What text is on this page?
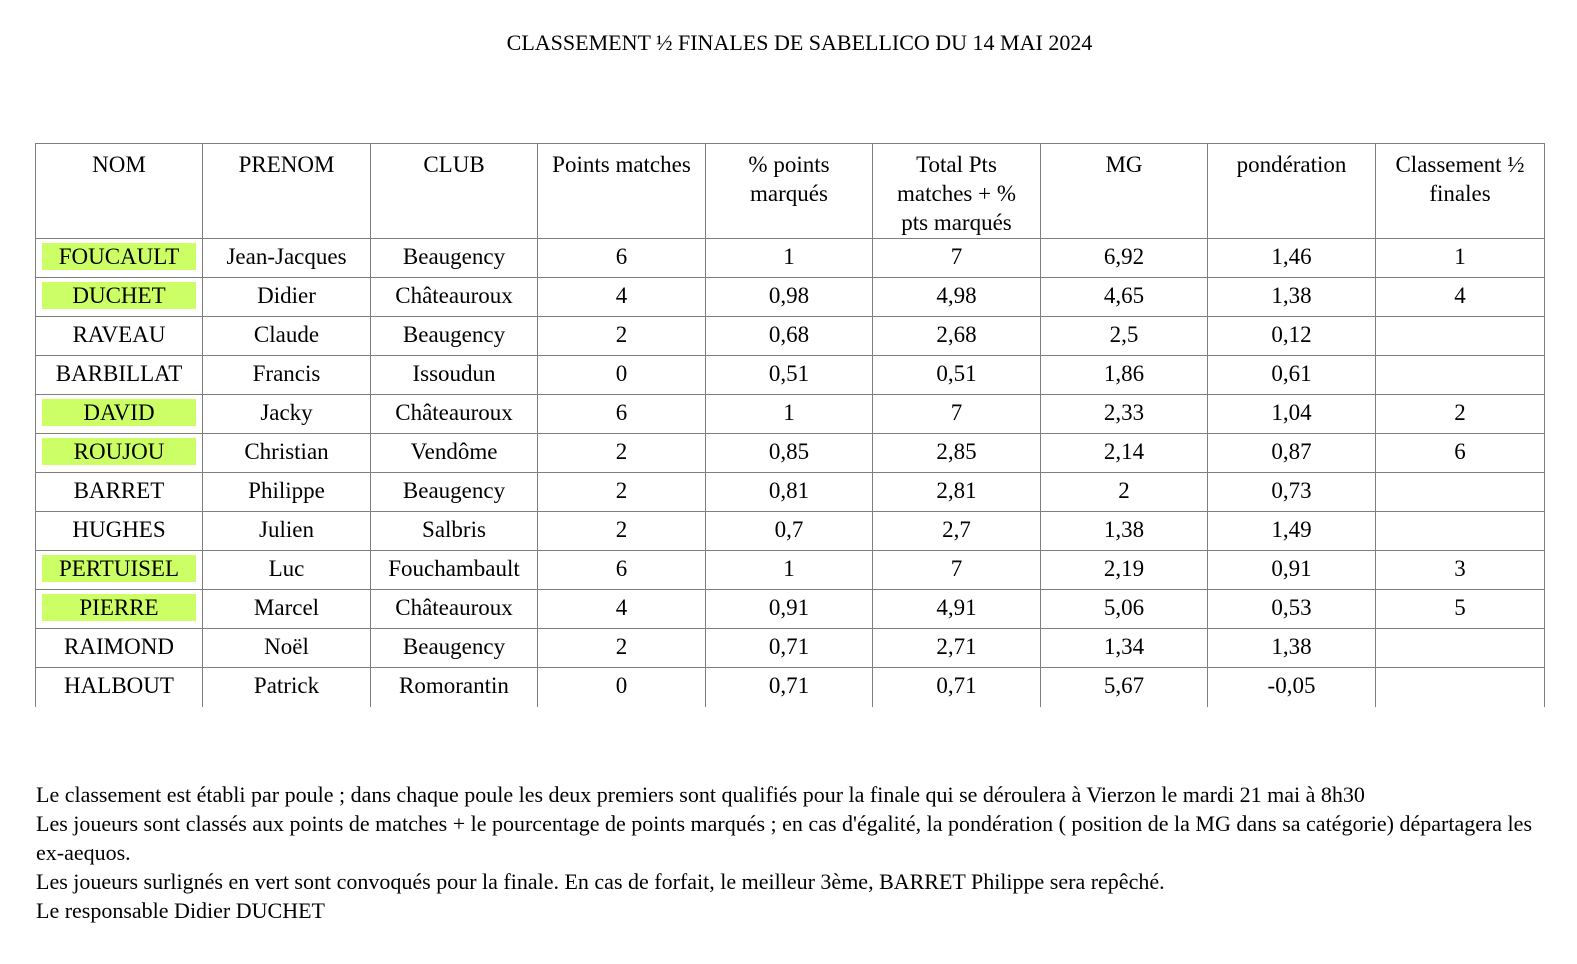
CLASSEMENT ½ FINALES DE SABELLICO DU 14 MAI 2024
NOM	PRENOM	CLUB	Points matches	% points marqués	Total Pts matches + % pts marqués	MG	pondération	Classement ½ finales

FOUCAULT	Jean-Jacques	Beaugency	6	1	7	6,92	1,46	1

DUCHET	Didier	Châteauroux	4	0,98	4,98	4,65	1,38	4

RAVEAU	Claude	Beaugency	2	0,68	2,68	2,5	0,12	

BARBILLAT	Francis	Issoudun	0	0,51	0,51	1,86	0,61	

DAVID	Jacky	Châteauroux	6	1	7	2,33	1,04	2

ROUJOU	Christian	Vendôme	2	0,85	2,85	2,14	0,87	6

BARRET	Philippe	Beaugency	2	0,81	2,81	2	0,73	

HUGHES	Julien	Salbris	2	0,7	2,7	1,38	1,49	

PERTUISEL	Luc	Fouchambault	6	1	7	2,19	0,91	3

PIERRE	Marcel	Châteauroux	4	0,91	4,91	5,06	0,53	5

RAIMOND	Noël	Beaugency	2	0,71	2,71	1,34	1,38	

HALBOUT	Patrick	Romorantin	0	0,71	0,71	5,67	-0,05	

Le classement est établi par poule ; dans chaque poule les deux premiers sont qualifiés pour la finale qui se déroulera à Vierzon le mardi 21 mai à 8h30

Les joueurs sont classés aux points de matches + le pourcentage de points marqués ; en cas d'égalité, la pondération ( position de la MG dans sa catégorie) départagera les ex-aequos.

Les joueurs surlignés en vert sont convoqués pour la finale. En cas de forfait, le meilleur 3ème, BARRET Philippe sera repêché.

Le responsable Didier DUCHET
